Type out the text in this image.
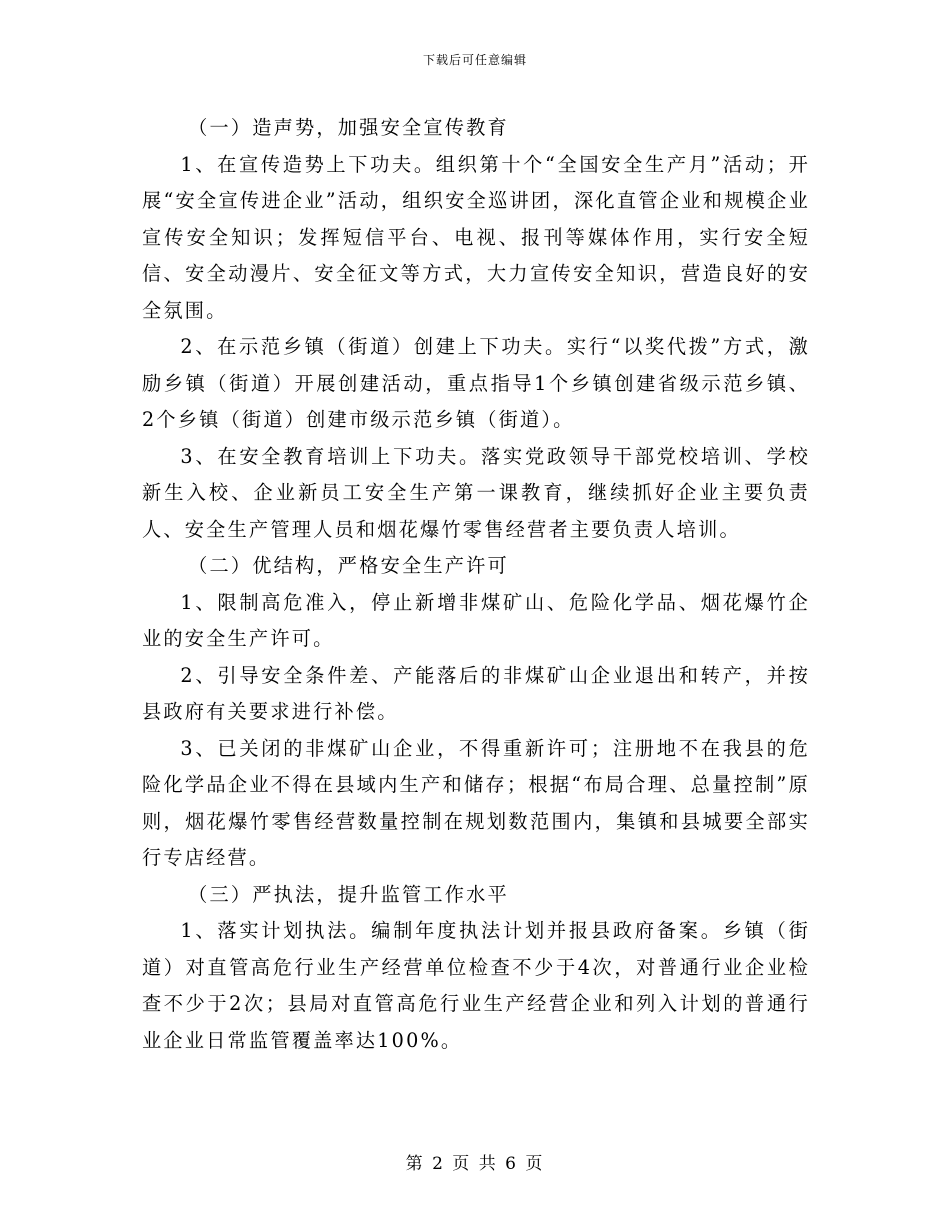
下载后可任意编辑

（一）造声势，加强安全宣传教育

1、在宣传造势上下功夫。组织第十个“全国安全生产月”活动；开展“安全宣传进企业”活动，组织安全巡讲团，深化直管企业和规模企业宣传安全知识；发挥短信平台、电视、报刊等媒体作用，实行安全短信、安全动漫片、安全征文等方式，大力宣传安全知识，营造良好的安全氛围。

2、在示范乡镇（街道）创建上下功夫。实行“以奖代拨”方式，激励乡镇（街道）开展创建活动，重点指导1个乡镇创建省级示范乡镇、2个乡镇（街道）创建市级示范乡镇（街道）。

3、在安全教育培训上下功夫。落实党政领导干部党校培训、学校新生入校、企业新员工安全生产第一课教育，继续抓好企业主要负责人、安全生产管理人员和烟花爆竹零售经营者主要负责人培训。

（二）优结构，严格安全生产许可

1、限制高危准入，停止新增非煤矿山、危险化学品、烟花爆竹企业的安全生产许可。

2、引导安全条件差、产能落后的非煤矿山企业退出和转产，并按县政府有关要求进行补偿。

3、已关闭的非煤矿山企业，不得重新许可；注册地不在我县的危险化学品企业不得在县域内生产和储存；根据“布局合理、总量控制”原则，烟花爆竹零售经营数量控制在规划数范围内，集镇和县城要全部实行专店经营。

（三）严执法，提升监管工作水平

1、落实计划执法。编制年度执法计划并报县政府备案。乡镇（街道）对直管高危行业生产经营单位检查不少于4次，对普通行业企业检查不少于2次；县局对直管高危行业生产经营企业和列入计划的普通行业企业日常监管覆盖率达100%。

第 2 页 共 6 页
